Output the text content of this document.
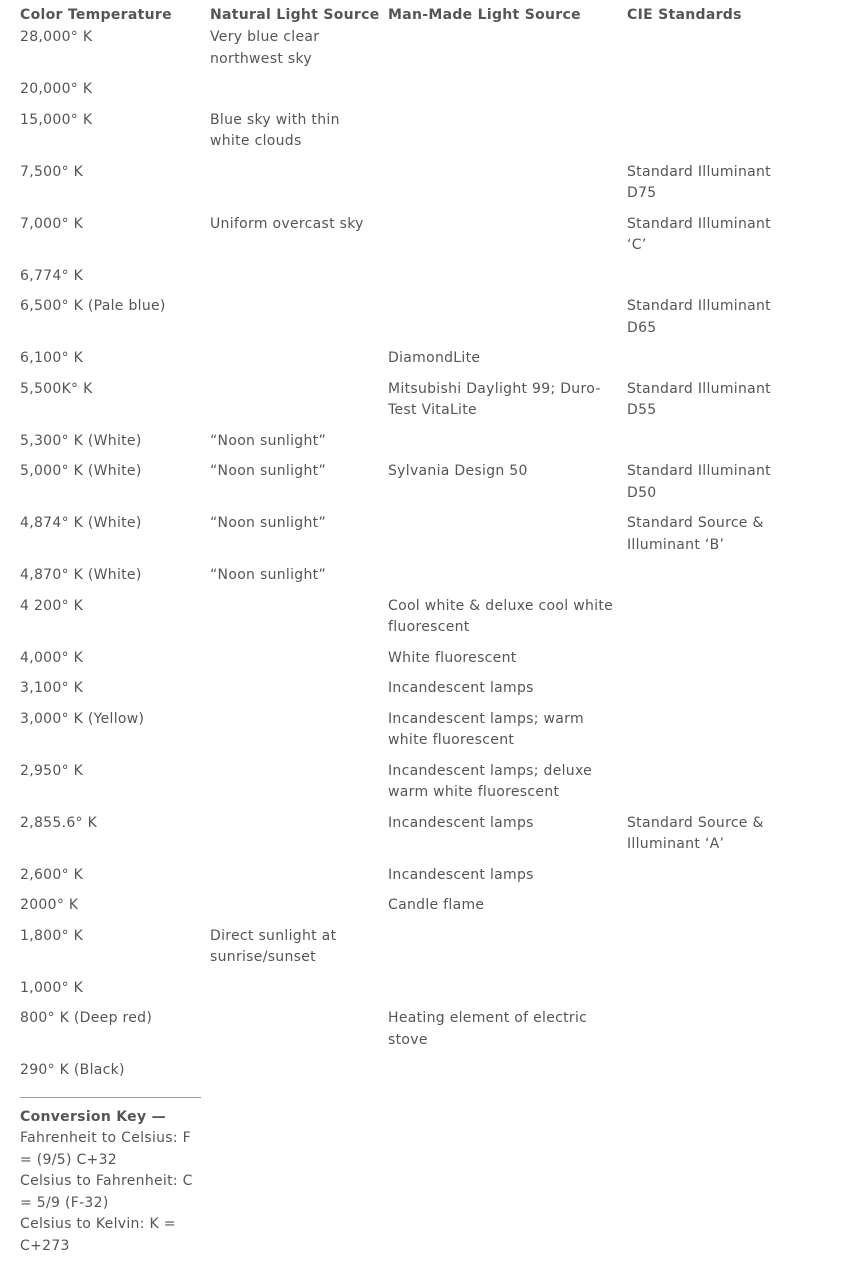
Color Temperature	Natural Light Source	Man-Made Light Source	CIE Standards
28,000° K	Very blue clear northwest sky		
20,000° K			
15,000° K	Blue sky with thin white clouds		
7,500° K			Standard Illuminant D75
7,000° K	Uniform overcast sky		Standard Illuminant ‘C’
6,774° K			
6,500° K (Pale blue)			Standard Illuminant D65
6,100° K		DiamondLite	
5,500K° K		Mitsubishi Daylight 99; Duro-Test VitaLite	Standard Illuminant D55
5,300° K (White)	“Noon sunlight”		
5,000° K (White)	“Noon sunlight”	Sylvania Design 50	Standard Illuminant D50
4,874° K (White)	“Noon sunlight”		Standard Source & Illuminant ‘B’
4,870° K (White)	“Noon sunlight”		
4 200° K		Cool white & deluxe cool white fluorescent	
4,000° K		White fluorescent	
3,100° K		Incandescent lamps	
3,000° K (Yellow)		Incandescent lamps; warm white fluorescent	
2,950° K		Incandescent lamps; deluxe warm white fluorescent	
2,855.6° K		Incandescent lamps	Standard Source & Illuminant ‘A’
2,600° K		Incandescent lamps	
2000° K		Candle flame	
1,800° K	Direct sunlight at sunrise/sunset		
1,000° K			
800° K (Deep red)		Heating element of electric stove	
290° K (Black)			
Conversion Key —
Fahrenheit to Celsius: F = (9/5) C+32
Celsius to Fahrenheit: C = 5/9 (F-32)
Celsius to Kelvin: K = C+273
